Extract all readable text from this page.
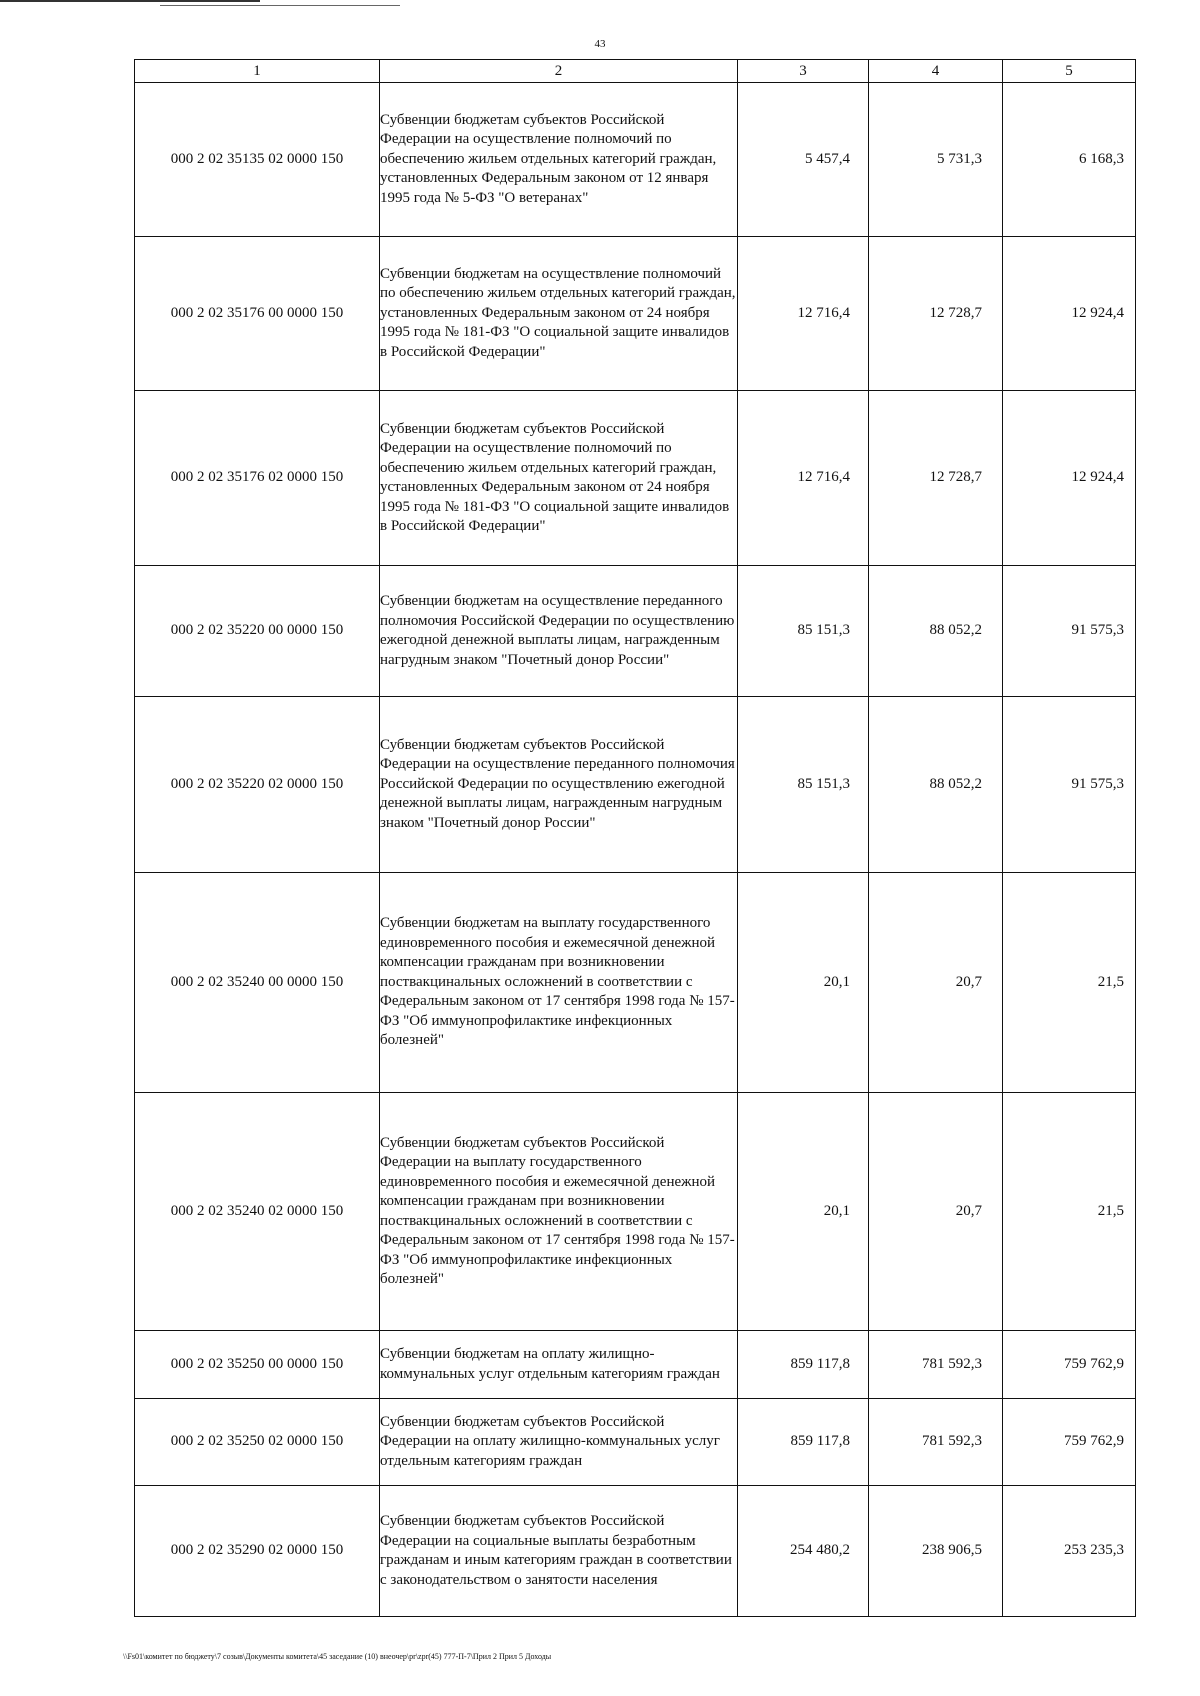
43
1	2	3	4	5
000 2 02 35135 02 0000 150	Субвенции бюджетам субъектов Российской Федерации на осуществление полномочий по обеспечению жильем отдельных категорий граждан, установленных Федеральным законом от 12 января 1995 года № 5-ФЗ "О ветеранах"	5 457,4	5 731,3	6 168,3
000 2 02 35176 00 0000 150	Субвенции бюджетам на осуществление полномочий по обеспечению жильем отдельных категорий граждан, установленных Федеральным законом от 24 ноября 1995 года № 181-ФЗ "О социальной защите инвалидов в Российской Федерации"	12 716,4	12 728,7	12 924,4
000 2 02 35176 02 0000 150	Субвенции бюджетам субъектов Российской Федерации на осуществление полномочий по обеспечению жильем отдельных категорий граждан, установленных Федеральным законом от 24 ноября 1995 года № 181-ФЗ "О социальной защите инвалидов в Российской Федерации"	12 716,4	12 728,7	12 924,4
000 2 02 35220 00 0000 150	Субвенции бюджетам на осуществление переданного полномочия Российской Федерации по осуществлению ежегодной денежной выплаты лицам, награжденным нагрудным знаком "Почетный донор России"	85 151,3	88 052,2	91 575,3
000 2 02 35220 02 0000 150	Субвенции бюджетам субъектов Российской Федерации на осуществление переданного полномочия Российской Федерации по осуществлению ежегодной денежной выплаты лицам, награжденным нагрудным знаком "Почетный донор России"	85 151,3	88 052,2	91 575,3
000 2 02 35240 00 0000 150	Субвенции бюджетам на выплату государственного единовременного пособия и ежемесячной денежной компенсации гражданам при возникновении поствакцинальных осложнений в соответствии с Федеральным законом от 17 сентября 1998 года № 157-ФЗ "Об иммунопрофилактике инфекционных болезней"	20,1	20,7	21,5
000 2 02 35240 02 0000 150	Субвенции бюджетам субъектов Российской Федерации на выплату государственного единовременного пособия и ежемесячной денежной компенсации гражданам при возникновении поствакцинальных осложнений в соответствии с Федеральным законом от 17 сентября 1998 года № 157-ФЗ "Об иммунопрофилактике инфекционных болезней"	20,1	20,7	21,5
000 2 02 35250 00 0000 150	Субвенции бюджетам на оплату жилищно-коммунальных услуг отдельным категориям граждан	859 117,8	781 592,3	759 762,9
000 2 02 35250 02 0000 150	Субвенции бюджетам субъектов Российской Федерации на оплату жилищно-коммунальных услуг отдельным категориям граждан	859 117,8	781 592,3	759 762,9
000 2 02 35290 02 0000 150	Субвенции бюджетам субъектов Российской Федерации на социальные выплаты безработным гражданам и иным категориям граждан в соответствии с законодательством о занятости населения	254 480,2	238 906,5	253 235,3
\\Fs01\комитет по бюджету\7 созыв\Документы комитета\45 заседание (10) внеочер\pr\zpr(45) 777-П-7\Прил 2 Прил 5 Доходы
